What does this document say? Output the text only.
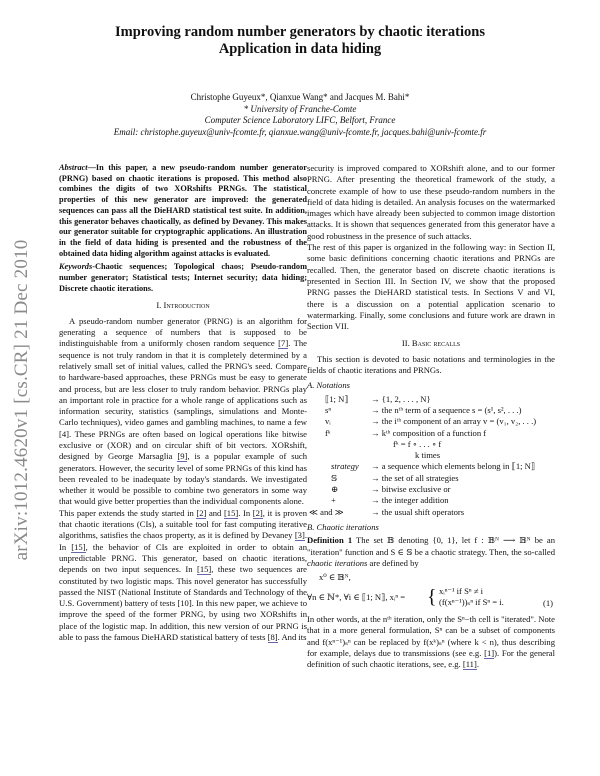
arXiv:1012.4620v1 [cs.CR] 21 Dec 2010
Improving random number generators by chaotic iterations
Application in data hiding
Christophe Guyeux*, Qianxue Wang* and Jacques M. Bahi*
* University of Franche-Comte
Computer Science Laboratory LIFC, Belfort, France
Email: christophe.guyeux@univ-fcomte.fr, qianxue.wang@univ-fcomte.fr, jacques.bahi@univ-fcomte.fr

Abstract—In this paper, a new pseudo-random number generator (PRNG) based on chaotic iterations is proposed. This method also combines the digits of two XORshifts PRNGs. The statistical properties of this new generator are improved: the generated sequences can pass all the DieHARD statistical test suite. In addition, this generator behaves chaotically, as defined by Devaney. This makes our generator suitable for cryptographic applications. An illustration in the field of data hiding is presented and the robustness of the obtained data hiding algorithm against attacks is evaluated.

Keywords-Chaotic sequences; Topological chaos; Pseudo-random number generator; Statistical tests; Internet security; data hiding; Discrete chaotic iterations.

I. Introduction

A pseudo-random number generator (PRNG) is an algorithm for generating a sequence of numbers that is supposed to be indistinguishable from a uniformly chosen random sequence [7]. The sequence is not truly random in that it is completely determined by a relatively small set of initial values, called the PRNG's seed. Compare to hardware-based approaches, these PRNGs must be easy to generate and process, but are less closer to truly random behavior. PRNGs play an important role in practice for a whole range of applications such as information security, statistics (samplings, simulations and Monte-Carlo techniques), video games and gambling machines, to name a few [4]. These PRNGs are often based on logical operations like bitwise exclusive or (XOR) and on circular shift of bit vectors. XORshift, designed by George Marsaglia [9], is a popular example of such generators. However, the security level of some PRNGs of this kind has been revealed to be inadequate by today's standards. We investigated whether it would be possible to combine two generators in some way that would give better properties than the individual components alone.

This paper extends the study started in [2] and [15]. In [2], it is proven that chaotic iterations (CIs), a suitable tool for fast computing iterative algorithms, satisfies the chaos property, as it is defined by Devaney [3]. In [15], the behavior of CIs are exploited in order to obtain an unpredictable PRNG. This generator, based on chaotic iterations, depends on two input sequences. In [15], these two sequences are constituted by two logistic maps. This novel generator has successfully passed the NIST (National Institute of Standards and Technology of the U.S. Government) battery of tests [10]. In this new paper, we achieve to improve the speed of the former PRNG, by using two XORshifts in place of the logistic map. In addition, this new version of our PRNG is able to pass the famous DieHARD statistical battery of tests [8]. And its

security is improved compared to XORshift alone, and to our former PRNG. After presenting the theoretical framework of the study, a concrete example of how to use these pseudo-random numbers in the field of data hiding is detailed. An analysis focuses on the watermarked images which have already been subjected to common image distortion attacks. It is shown that sequences generated from this generator have a good robustness in the presence of such attacks.

The rest of this paper is organized in the following way: in Section II, some basic definitions concerning chaotic iterations and PRNGs are recalled. Then, the generator based on discrete chaotic iterations is presented in Section III. In Section IV, we show that the proposed PRNG passes the DieHARD statistical tests. In Sections V and VI, there is a discussion on a potential application scenario to watermarking. Finally, some conclusions and future work are drawn in Section VII.

II. Basic recalls

This section is devoted to basic notations and terminologies in the fields of chaotic iterations and PRNGs.

A. Notations

⟦1; N⟧	→ {1, 2, . . . , N}
sⁿ	→ the nᵗʰ term of a sequence s = (s¹, s², . . .)
vᵢ	→ the iᵗʰ component of an array v = (v₁, v₂, . . .)
fᵏ	→ kᵗʰ composition of a function f
fᵏ = f ∘ . . . ∘ f
k times
strategy → a sequence which elements belong in ⟦1; N⟧
𝕊	→ the set of all strategies
⊕	→ bitwise exclusive or
+	→ the integer addition
≪ and ≫	→ the usual shift operators

B. Chaotic iterations

Definition 1 The set 𝔹 denoting {0, 1}, let f : 𝔹ᴺ ⟶ 𝔹ᴺ be an "iteration" function and S ∈ 𝕊 be a chaotic strategy. Then, the so-called chaotic iterations are defined by

x⁰ ∈ 𝔹ᴺ,
∀n ∈ ℕ*, ∀i ∈ ⟦1; N⟧, xᵢⁿ = { xᵢⁿ⁻¹ if Sⁿ ≠ i
(f(xⁿ⁻¹))ₛⁿ if Sⁿ = i.	(1)

In other words, at the nᵗʰ iteration, only the Sⁿ−th cell is "iterated". Note that in a more general formulation, Sⁿ can be a subset of components and f(xⁿ⁻¹)ₛⁿ can be replaced by f(xᵏ)ₛⁿ (where k < n), thus describing for example, delays due to transmissions (see e.g. [1]). For the general definition of such chaotic iterations, see, e.g. [11].
